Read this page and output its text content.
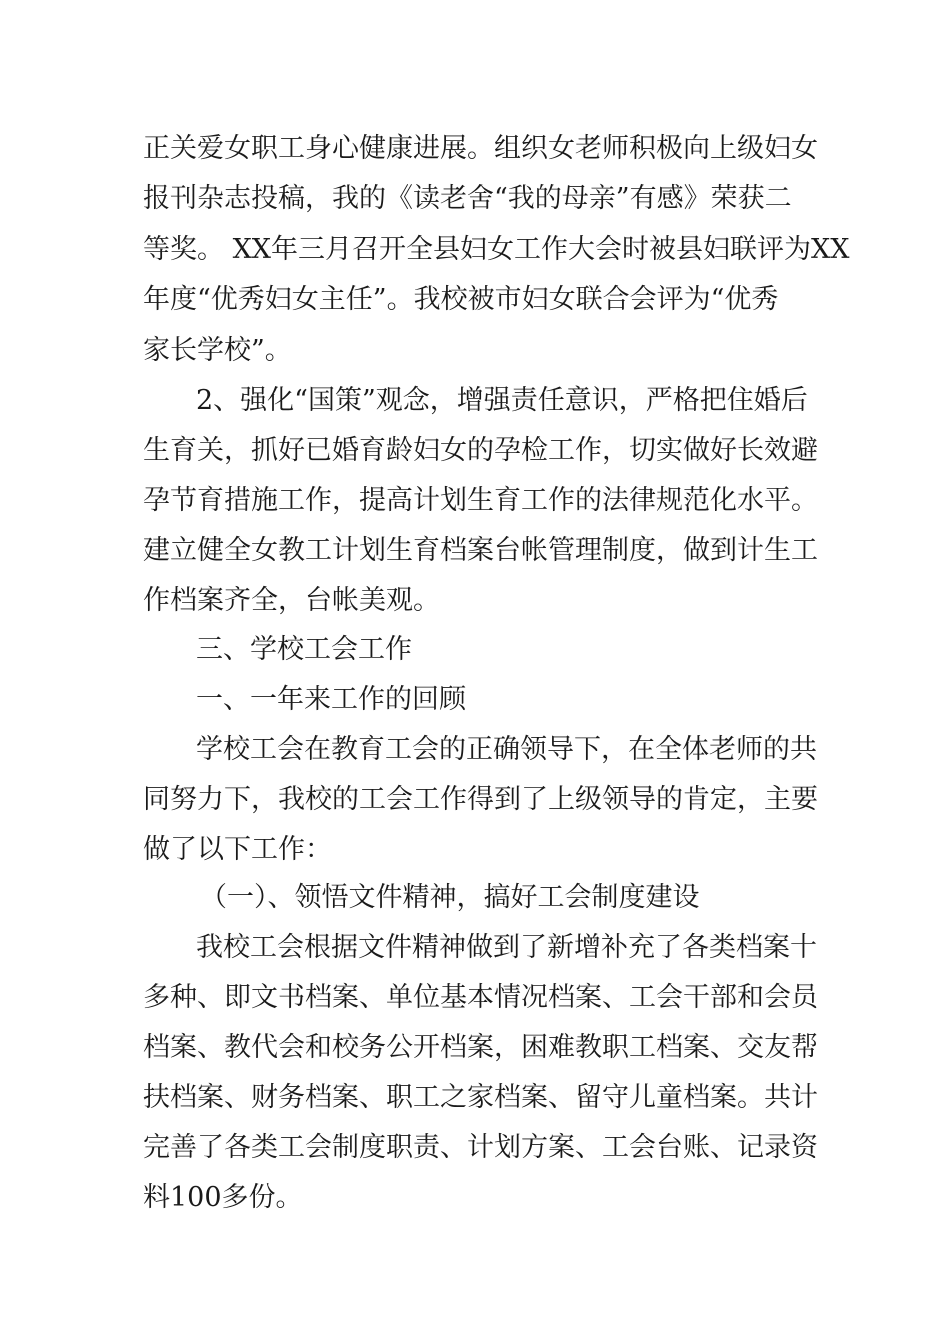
正关爱女职工身心健康进展。组织女老师积极向上级妇女

报刊杂志投稿，我的《读老舍“我的母亲”有感》荣获二

等奖。 XX年三月召开全县妇女工作大会时被县妇联评为XX

年度“优秀妇女主任”。我校被市妇女联合会评为“优秀

家长学校”。

2、强化“国策”观念，增强责任意识，严格把住婚后

生育关，抓好已婚育龄妇女的孕检工作，切实做好长效避

孕节育措施工作，提高计划生育工作的法律规范化水平。

建立健全女教工计划生育档案台帐管理制度，做到计生工

作档案齐全，台帐美观。

三、学校工会工作

一、一年来工作的回顾

学校工会在教育工会的正确领导下，在全体老师的共

同努力下，我校的工会工作得到了上级领导的肯定，主要

做了以下工作：

（一）、领悟文件精神，搞好工会制度建设

我校工会根据文件精神做到了新增补充了各类档案十

多种、即文书档案、单位基本情况档案、工会干部和会员

档案、教代会和校务公开档案，困难教职工档案、交友帮

扶档案、财务档案、职工之家档案、留守儿童档案。共计

完善了各类工会制度职责、计划方案、工会台账、记录资

料100多份。
